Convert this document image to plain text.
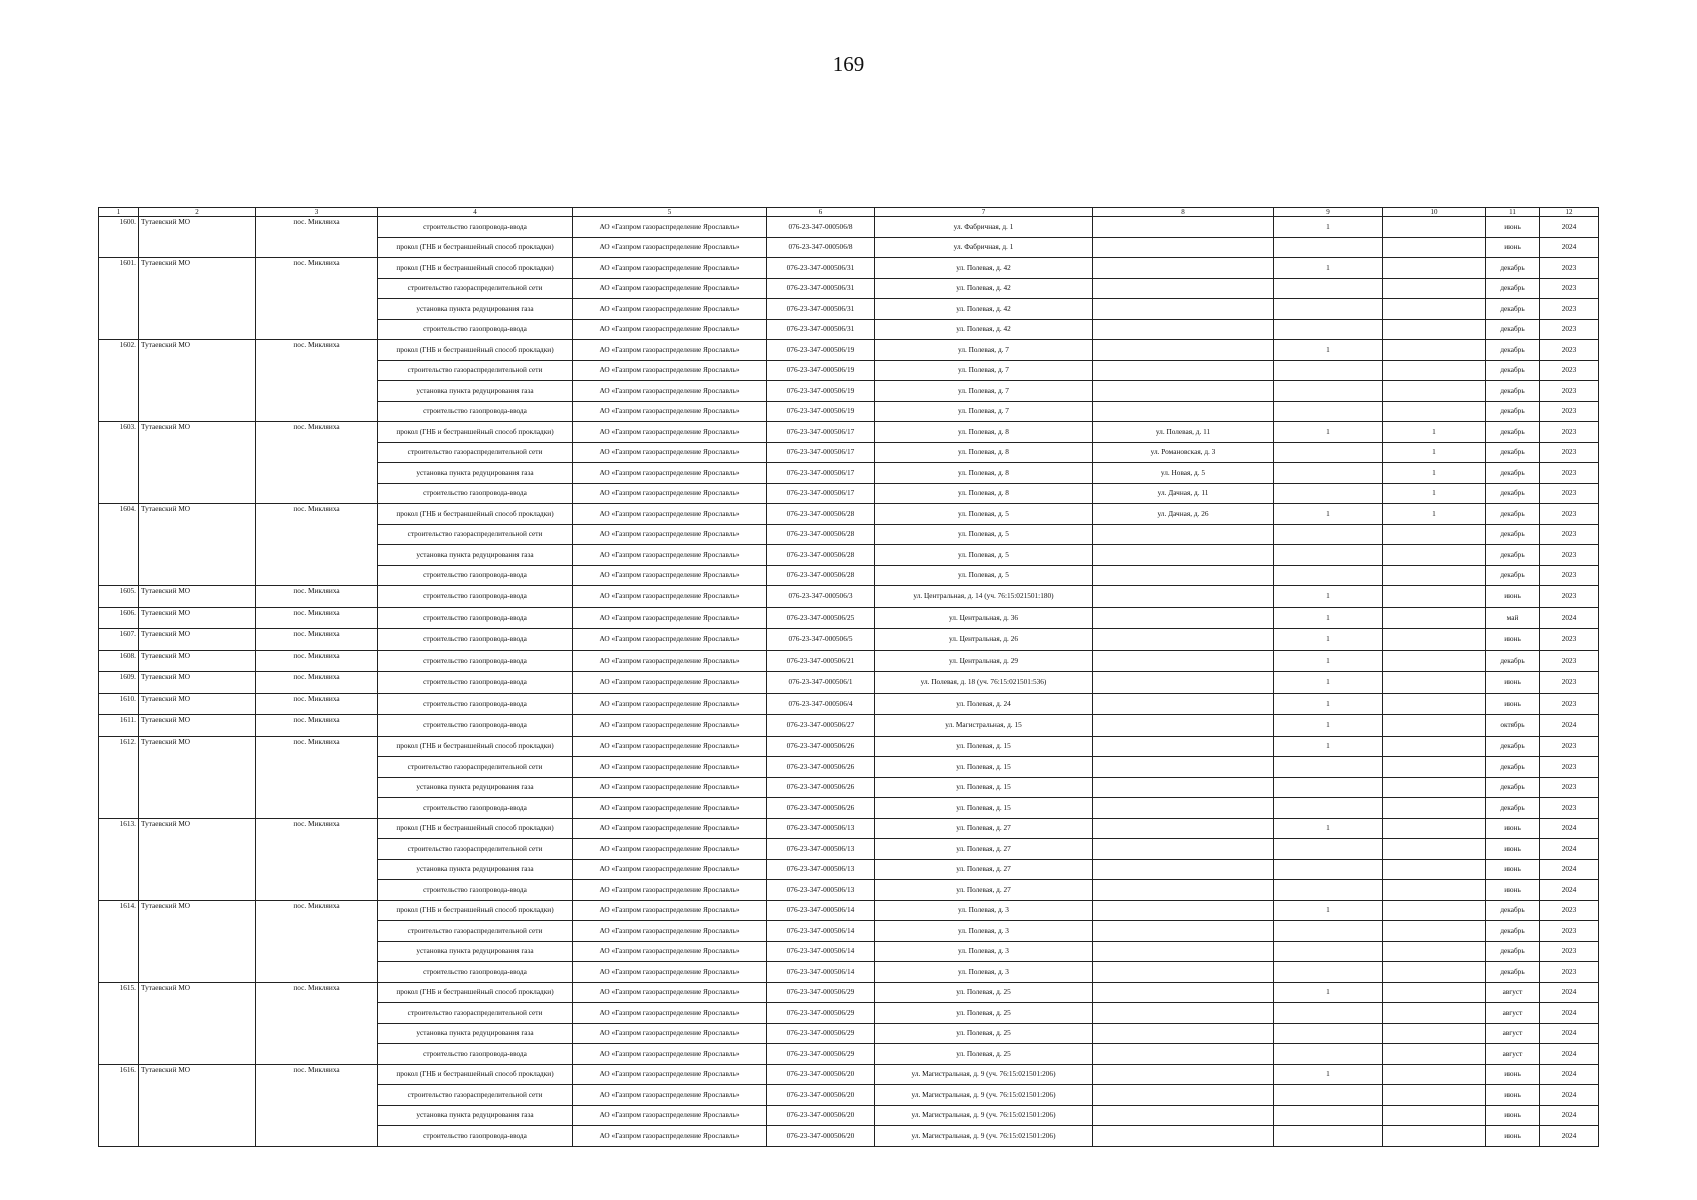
169
1	2	3	4	5	6	7	8	9	10	11	12
1600.	Тутаевский МО	пос. Микляиха	строительство газопровода-ввода	АО «Газпром газораспределение Ярославль»	076-23-347-000506/8	ул. Фабричная, д. 1		1		июнь	2024
			прокол (ГНБ и бестраншейный способ прокладки)	АО «Газпром газораспределение Ярославль»	076-23-347-000506/8	ул. Фабричная, д. 1				июнь	2024
1601.	Тутаевский МО	пос. Микляиха	прокол (ГНБ и бестраншейный способ прокладки)	АО «Газпром газораспределение Ярославль»	076-23-347-000506/31	ул. Полевая, д. 42		1		декабрь	2023
			строительство газораспределительной сети	АО «Газпром газораспределение Ярославль»	076-23-347-000506/31	ул. Полевая, д. 42				декабрь	2023
			установка пункта редуцирования газа	АО «Газпром газораспределение Ярославль»	076-23-347-000506/31	ул. Полевая, д. 42				декабрь	2023
			строительство газопровода-ввода	АО «Газпром газораспределение Ярославль»	076-23-347-000506/31	ул. Полевая, д. 42				декабрь	2023
1602.	Тутаевский МО	пос. Микляиха	прокол (ГНБ и бестраншейный способ прокладки)	АО «Газпром газораспределение Ярославль»	076-23-347-000506/19	ул. Полевая, д. 7		1		декабрь	2023
			строительство газораспределительной сети	АО «Газпром газораспределение Ярославль»	076-23-347-000506/19	ул. Полевая, д. 7				декабрь	2023
			установка пункта редуцирования газа	АО «Газпром газораспределение Ярославль»	076-23-347-000506/19	ул. Полевая, д. 7				декабрь	2023
			строительство газопровода-ввода	АО «Газпром газораспределение Ярославль»	076-23-347-000506/19	ул. Полевая, д. 7				декабрь	2023
1603.	Тутаевский МО	пос. Микляиха	прокол (ГНБ и бестраншейный способ прокладки)	АО «Газпром газораспределение Ярославль»	076-23-347-000506/17	ул. Полевая, д. 8	ул. Полевая, д. 11	1	1	декабрь	2023
			строительство газораспределительной сети	АО «Газпром газораспределение Ярославль»	076-23-347-000506/17	ул. Полевая, д. 8	ул. Романовская, д. 3		1	декабрь	2023
			установка пункта редуцирования газа	АО «Газпром газораспределение Ярославль»	076-23-347-000506/17	ул. Полевая, д. 8	ул. Новая, д. 5		1	декабрь	2023
			строительство газопровода-ввода	АО «Газпром газораспределение Ярославль»	076-23-347-000506/17	ул. Полевая, д. 8	ул. Дачная, д. 11		1	декабрь	2023
1604.	Тутаевский МО	пос. Микляиха	прокол (ГНБ и бестраншейный способ прокладки)	АО «Газпром газораспределение Ярославль»	076-23-347-000506/28	ул. Полевая, д. 5	ул. Дачная, д. 26	1	1	декабрь	2023
			строительство газораспределительной сети	АО «Газпром газораспределение Ярославль»	076-23-347-000506/28	ул. Полевая, д. 5				декабрь	2023
			установка пункта редуцирования газа	АО «Газпром газораспределение Ярославль»	076-23-347-000506/28	ул. Полевая, д. 5				декабрь	2023
			строительство газопровода-ввода	АО «Газпром газораспределение Ярославль»	076-23-347-000506/28	ул. Полевая, д. 5				декабрь	2023
1605.	Тутаевский МО	пос. Микляиха	строительство газопровода-ввода	АО «Газпром газораспределение Ярославль»	076-23-347-000506/3	ул. Центральная, д. 14 (уч. 76:15:021501:180)		1		июнь	2023
1606.	Тутаевский МО	пос. Микляиха	строительство газопровода-ввода	АО «Газпром газораспределение Ярославль»	076-23-347-000506/25	ул. Центральная, д. 36		1		май	2024
1607.	Тутаевский МО	пос. Микляиха	строительство газопровода-ввода	АО «Газпром газораспределение Ярославль»	076-23-347-000506/5	ул. Центральная, д. 26		1		июнь	2023
1608.	Тутаевский МО	пос. Микляиха	строительство газопровода-ввода	АО «Газпром газораспределение Ярославль»	076-23-347-000506/21	ул. Центральная, д. 29		1		декабрь	2023
1609.	Тутаевский МО	пос. Микляиха	строительство газопровода-ввода	АО «Газпром газораспределение Ярославль»	076-23-347-000506/1	ул. Полевая, д. 18 (уч. 76:15:021501:536)		1		июнь	2023
1610.	Тутаевский МО	пос. Микляиха	строительство газопровода-ввода	АО «Газпром газораспределение Ярославль»	076-23-347-000506/4	ул. Полевая, д. 24		1		июнь	2023
1611.	Тутаевский МО	пос. Микляиха	строительство газопровода-ввода	АО «Газпром газораспределение Ярославль»	076-23-347-000506/27	ул. Магистральная, д. 15		1		октябрь	2024
1612.	Тутаевский МО	пос. Микляиха	прокол (ГНБ и бестраншейный способ прокладки)	АО «Газпром газораспределение Ярославль»	076-23-347-000506/26	ул. Полевая, д. 15		1		декабрь	2023
			строительство газораспределительной сети	АО «Газпром газораспределение Ярославль»	076-23-347-000506/26	ул. Полевая, д. 15				декабрь	2023
			установка пункта редуцирования газа	АО «Газпром газораспределение Ярославль»	076-23-347-000506/26	ул. Полевая, д. 15				декабрь	2023
			строительство газопровода-ввода	АО «Газпром газораспределение Ярославль»	076-23-347-000506/26	ул. Полевая, д. 15				декабрь	2023
1613.	Тутаевский МО	пос. Микляиха	прокол (ГНБ и бестраншейный способ прокладки)	АО «Газпром газораспределение Ярославль»	076-23-347-000506/13	ул. Полевая, д. 27		1		июнь	2024
			строительство газораспределительной сети	АО «Газпром газораспределение Ярославль»	076-23-347-000506/13	ул. Полевая, д. 27				июнь	2024
			установка пункта редуцирования газа	АО «Газпром газораспределение Ярославль»	076-23-347-000506/13	ул. Полевая, д. 27				июнь	2024
			строительство газопровода-ввода	АО «Газпром газораспределение Ярославль»	076-23-347-000506/13	ул. Полевая, д. 27				июнь	2024
1614.	Тутаевский МО	пос. Микляиха	прокол (ГНБ и бестраншейный способ прокладки)	АО «Газпром газораспределение Ярославль»	076-23-347-000506/14	ул. Полевая, д. 3		1		декабрь	2023
			строительство газораспределительной сети	АО «Газпром газораспределение Ярославль»	076-23-347-000506/14	ул. Полевая, д. 3				декабрь	2023
			установка пункта редуцирования газа	АО «Газпром газораспределение Ярославль»	076-23-347-000506/14	ул. Полевая, д. 3				декабрь	2023
			строительство газопровода-ввода	АО «Газпром газораспределение Ярославль»	076-23-347-000506/14	ул. Полевая, д. 3				декабрь	2023
1615.	Тутаевский МО	пос. Микляиха	прокол (ГНБ и бестраншейный способ прокладки)	АО «Газпром газораспределение Ярославль»	076-23-347-000506/29	ул. Полевая, д. 25		1		август	2024
			строительство газораспределительной сети	АО «Газпром газораспределение Ярославль»	076-23-347-000506/29	ул. Полевая, д. 25				август	2024
			установка пункта редуцирования газа	АО «Газпром газораспределение Ярославль»	076-23-347-000506/29	ул. Полевая, д. 25				август	2024
			строительство газопровода-ввода	АО «Газпром газораспределение Ярославль»	076-23-347-000506/29	ул. Полевая, д. 25				август	2024
1616.	Тутаевский МО	пос. Микляиха	прокол (ГНБ и бестраншейный способ прокладки)	АО «Газпром газораспределение Ярославль»	076-23-347-000506/20	ул. Магистральная, д. 9 (уч. 76:15:021501:206)		1		июнь	2024
			строительство газораспределительной сети	АО «Газпром газораспределение Ярославль»	076-23-347-000506/20	ул. Магистральная, д. 9 (уч. 76:15:021501:206)				июнь	2024
			установка пункта редуцирования газа	АО «Газпром газораспределение Ярославль»	076-23-347-000506/20	ул. Магистральная, д. 9 (уч. 76:15:021501:206)				июнь	2024
			строительство газопровода-ввода	АО «Газпром газораспределение Ярославль»	076-23-347-000506/20	ул. Магистральная, д. 9 (уч. 76:15:021501:206)				июнь	2024
